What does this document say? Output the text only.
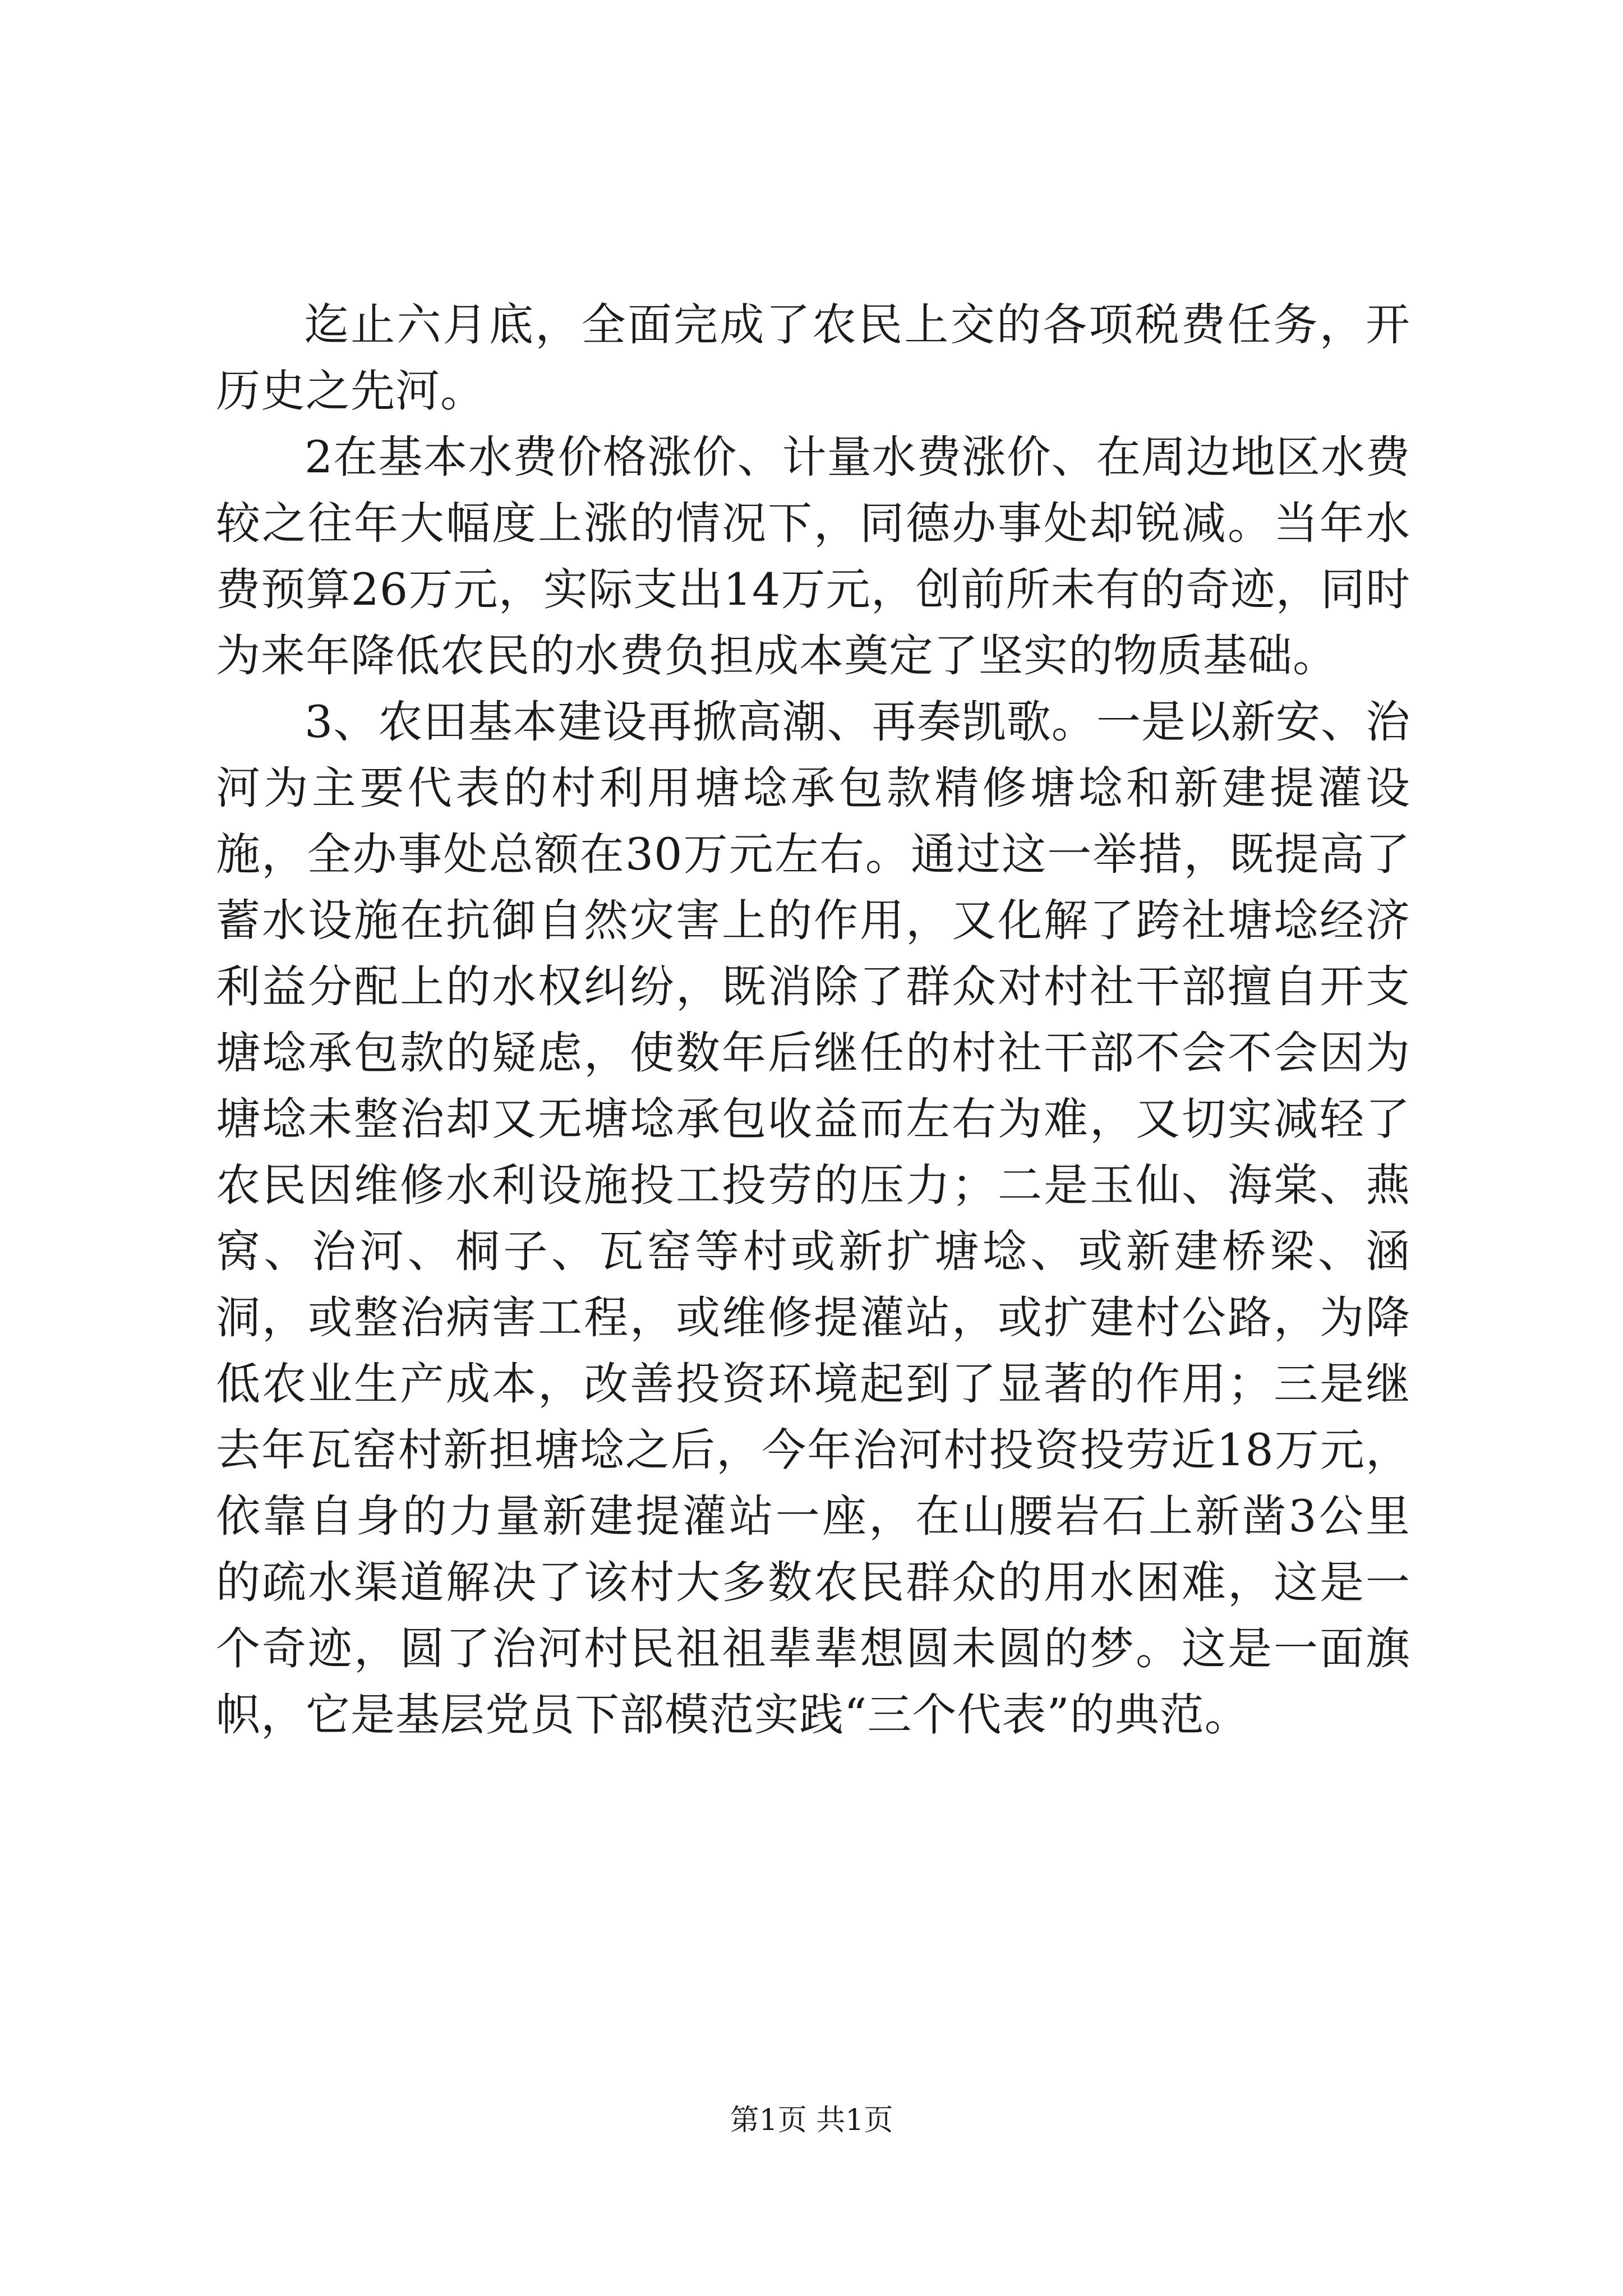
迄止六月底，全面完成了农民上交的各项税费任务，开历史之先河。

2在基本水费价格涨价、计量水费涨价、在周边地区水费较之往年大幅度上涨的情况下，同德办事处却锐减。当年水费预算26万元，实际支出14万元，创前所未有的奇迹，同时为来年降低农民的水费负担成本奠定了坚实的物质基础。

3、农田基本建设再掀高潮、再奏凯歌。一是以新安、治河为主要代表的村利用塘埝承包款精修塘埝和新建提灌设施，全办事处总额在30万元左右。通过这一举措，既提高了蓄水设施在抗御自然灾害上的作用，又化解了跨社塘埝经济利益分配上的水权纠纷，既消除了群众对村社干部擅自开支塘埝承包款的疑虑，使数年后继任的村社干部不会不会因为塘埝未整治却又无塘埝承包收益而左右为难，又切实减轻了农民因维修水利设施投工投劳的压力；二是玉仙、海棠、燕窝、治河、桐子、瓦窑等村或新扩塘埝、或新建桥梁、涵洞，或整治病害工程，或维修提灌站，或扩建村公路，为降低农业生产成本，改善投资环境起到了显著的作用；三是继去年瓦窑村新担塘埝之后，今年治河村投资投劳近18万元，依靠自身的力量新建提灌站一座，在山腰岩石上新凿3公里的疏水渠道解决了该村大多数农民群众的用水困难，这是一个奇迹，圆了治河村民祖祖辈辈想圆未圆的梦。这是一面旗帜，它是基层党员下部模范实践“三个代表”的典范。

第1页 共1页
